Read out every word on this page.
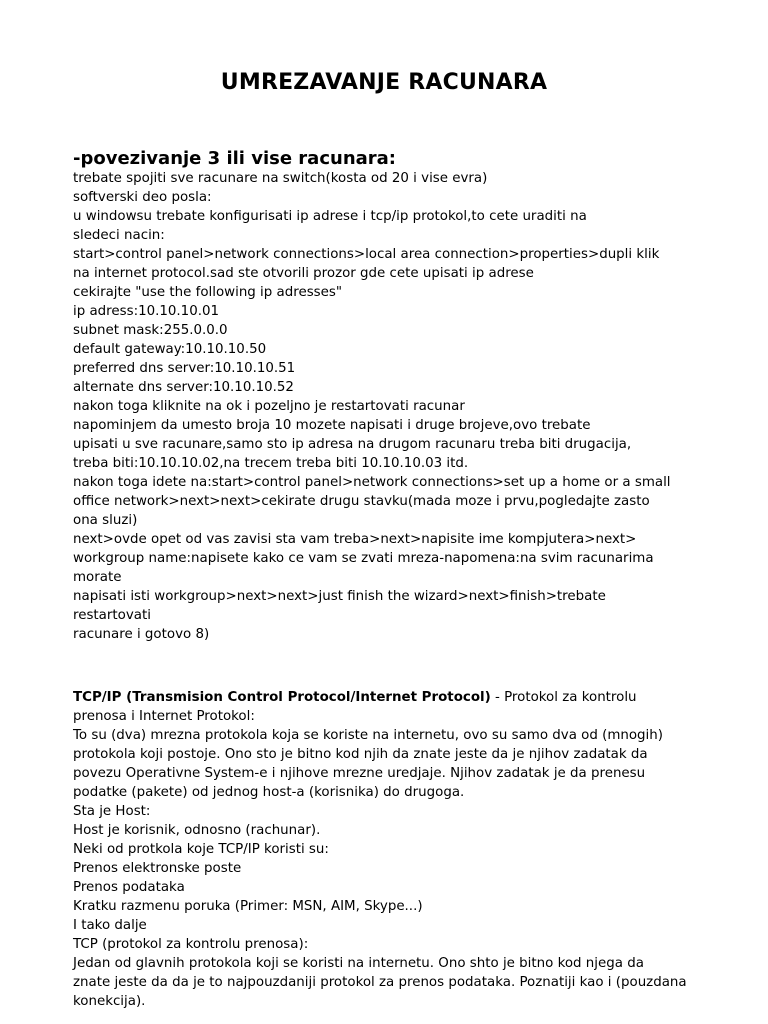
UMREZAVANJE RACUNARA
-povezivanje 3 ili vise racunara:
trebate spojiti sve racunare na switch(kosta od 20 i vise evra)
softverski deo posla:
u windowsu trebate konfigurisati ip adrese i tcp/ip protokol,to cete uraditi na
sledeci nacin:
start>control panel>network connections>local area connection>properties>dupli klik
na internet protocol.sad ste otvorili prozor gde cete upisati ip adrese
cekirajte "use the following ip adresses"
ip adress:10.10.10.01
subnet mask:255.0.0.0
default gateway:10.10.10.50
preferred dns server:10.10.10.51
alternate dns server:10.10.10.52
nakon toga kliknite na ok i pozeljno je restartovati racunar
napominjem da umesto broja 10 mozete napisati i druge brojeve,ovo trebate
upisati u sve racunare,samo sto ip adresa na drugom racunaru treba biti drugacija,
treba biti:10.10.10.02,na trecem treba biti 10.10.10.03 itd.
nakon toga idete na:start>control panel>network connections>set up a home or a small
office network>next>next>cekirate drugu stavku(mada moze i prvu,pogledajte zasto
ona sluzi)
next>ovde opet od vas zavisi sta vam treba>next>napisite ime kompjutera>next>
workgroup name:napisete kako ce vam se zvati mreza-napomena:na svim racunarima
morate
napisati isti workgroup>next>next>just finish the wizard>next>finish>trebate
restartovati
racunare i gotovo 8)
TCP/IP (Transmision Control Protocol/Internet Protocol) - Protokol za kontrolu
prenosa i Internet Protokol:
To su (dva) mrezna protokola koja se koriste na internetu, ovo su samo dva od (mnogih)
protokola koji postoje. Ono sto je bitno kod njih da znate jeste da je njihov zadatak da
povezu Operativne System-e i njihove mrezne uredjaje. Njihov zadatak je da prenesu
podatke (pakete) od jednog host-a (korisnika) do drugoga.
Sta je Host:
Host je korisnik, odnosno (rachunar).
Neki od protkola koje TCP/IP koristi su:
Prenos elektronske poste
Prenos podataka
Kratku razmenu poruka (Primer: MSN, AIM, Skype...)
I tako dalje
TCP (protokol za kontrolu prenosa):
Jedan od glavnih protokola koji se koristi na internetu. Ono shto je bitno kod njega da
znate jeste da da je to najpouzdaniji protokol za prenos podataka. Poznatiji kao i (pouzdana
konekcija).
